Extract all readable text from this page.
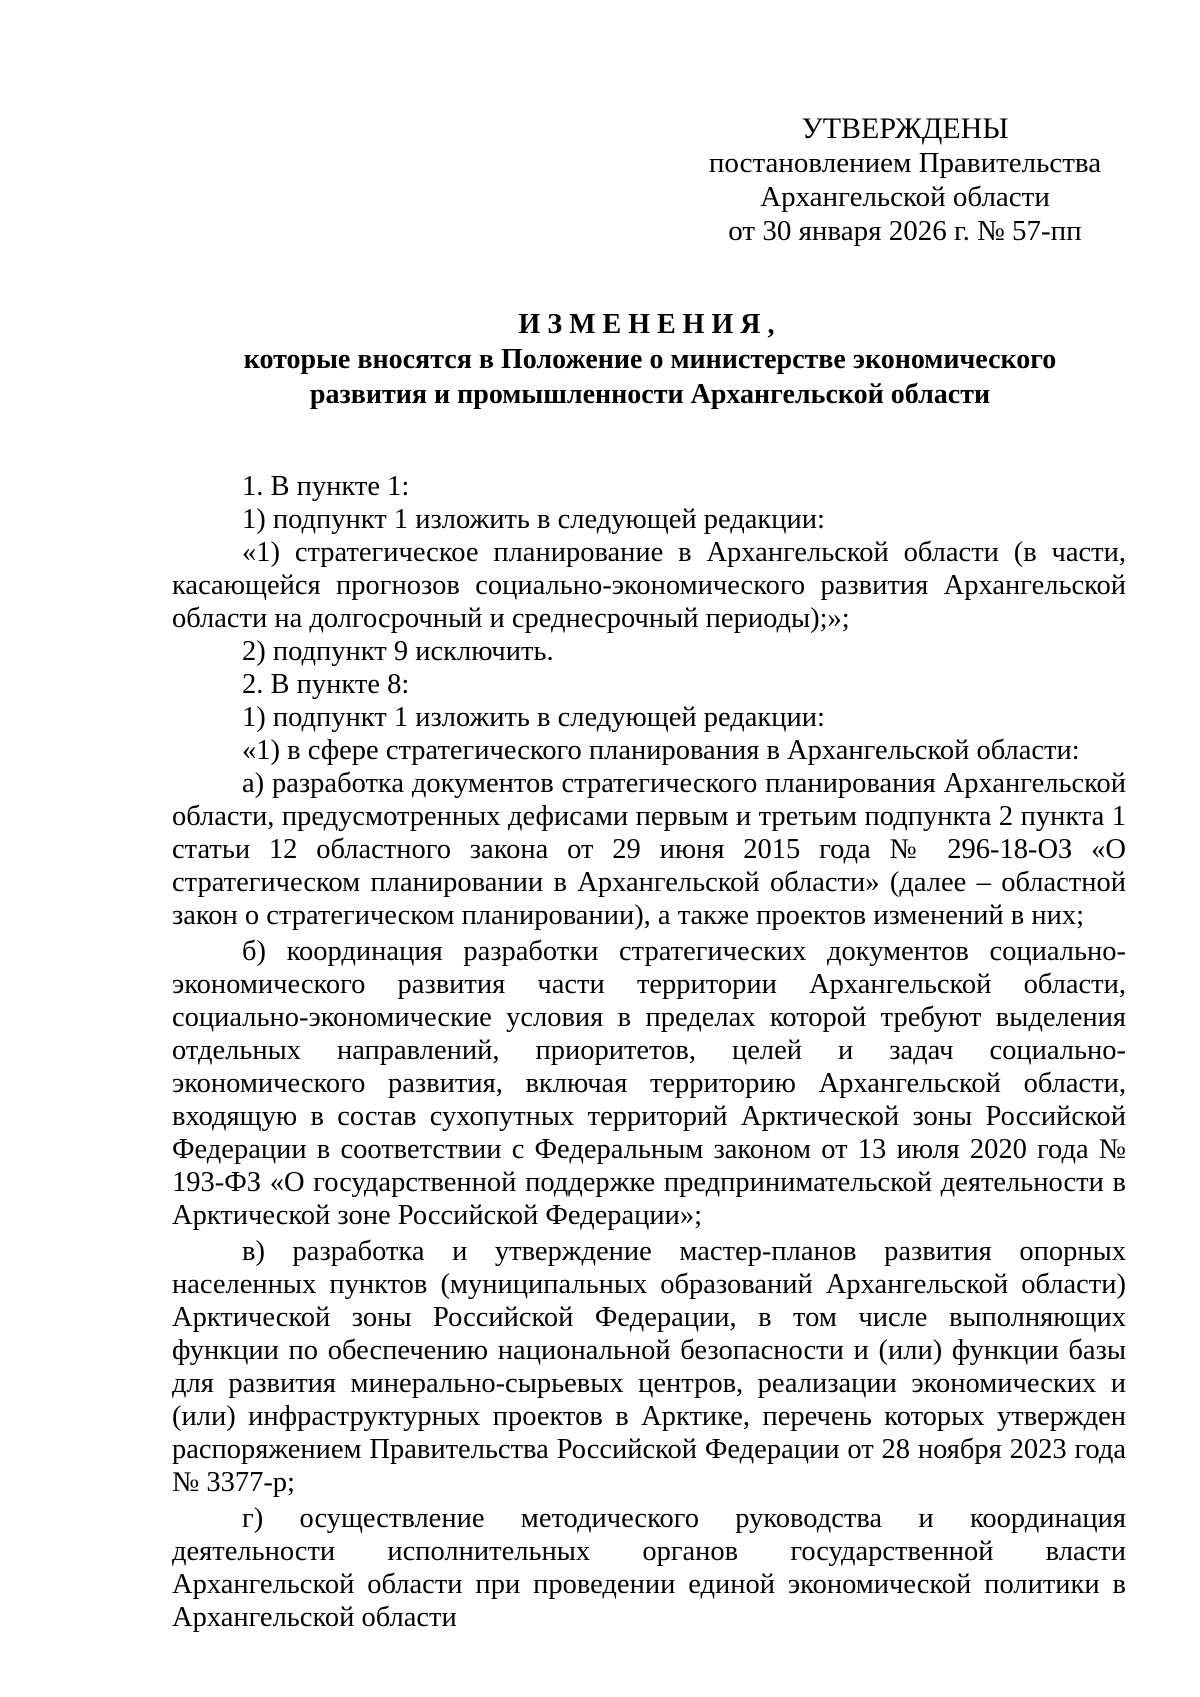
УТВЕРЖДЕНЫ
постановлением Правительства
Архангельской области
от 30 января 2026 г. № 57-пп
ИЗМЕНЕНИЯ,
которые вносятся в Положение о министерстве экономического
развития и промышленности Архангельской области

1. В пункте 1:

1) подпункт 1 изложить в следующей редакции:

«1) стратегическое планирование в Архангельской области (в части, касающейся прогнозов социально-экономического развития Архангельской области на долгосрочный и среднесрочный периоды);»;

2) подпункт 9 исключить.

2. В пункте 8:

1) подпункт 1 изложить в следующей редакции:

«1) в сфере стратегического планирования в Архангельской области:

а) разработка документов стратегического планирования Архангельской области, предусмотренных дефисами первым и третьим подпункта 2 пункта 1 статьи 12 областного закона от 29 июня 2015 года № 296-18-ОЗ «О стратегическом планировании в Архангельской области» (далее – областной закон о стратегическом планировании), а также проектов изменений в них;

б) координация разработки стратегических документов социально-экономического развития части территории Архангельской области, социально-экономические условия в пределах которой требуют выделения отдельных направлений, приоритетов, целей и задач социально-экономического развития, включая территорию Архангельской области, входящую в состав сухопутных территорий Арктической зоны Российской Федерации в соответствии с Федеральным законом от 13 июля 2020 года № 193-ФЗ «О государственной поддержке предпринимательской деятельности в Арктической зоне Российской Федерации»;

в) разработка и утверждение мастер-планов развития опорных населенных пунктов (муниципальных образований Архангельской области) Арктической зоны Российской Федерации, в том числе выполняющих функции по обеспечению национальной безопасности и (или) функции базы для развития минерально-сырьевых центров, реализации экономических и (или) инфраструктурных проектов в Арктике, перечень которых утвержден распоряжением Правительства Российской Федерации от 28 ноября 2023 года № 3377-р;

г) осуществление методического руководства и координация деятельности исполнительных органов государственной власти Архангельской области при проведении единой экономической политики в Архангельской области
